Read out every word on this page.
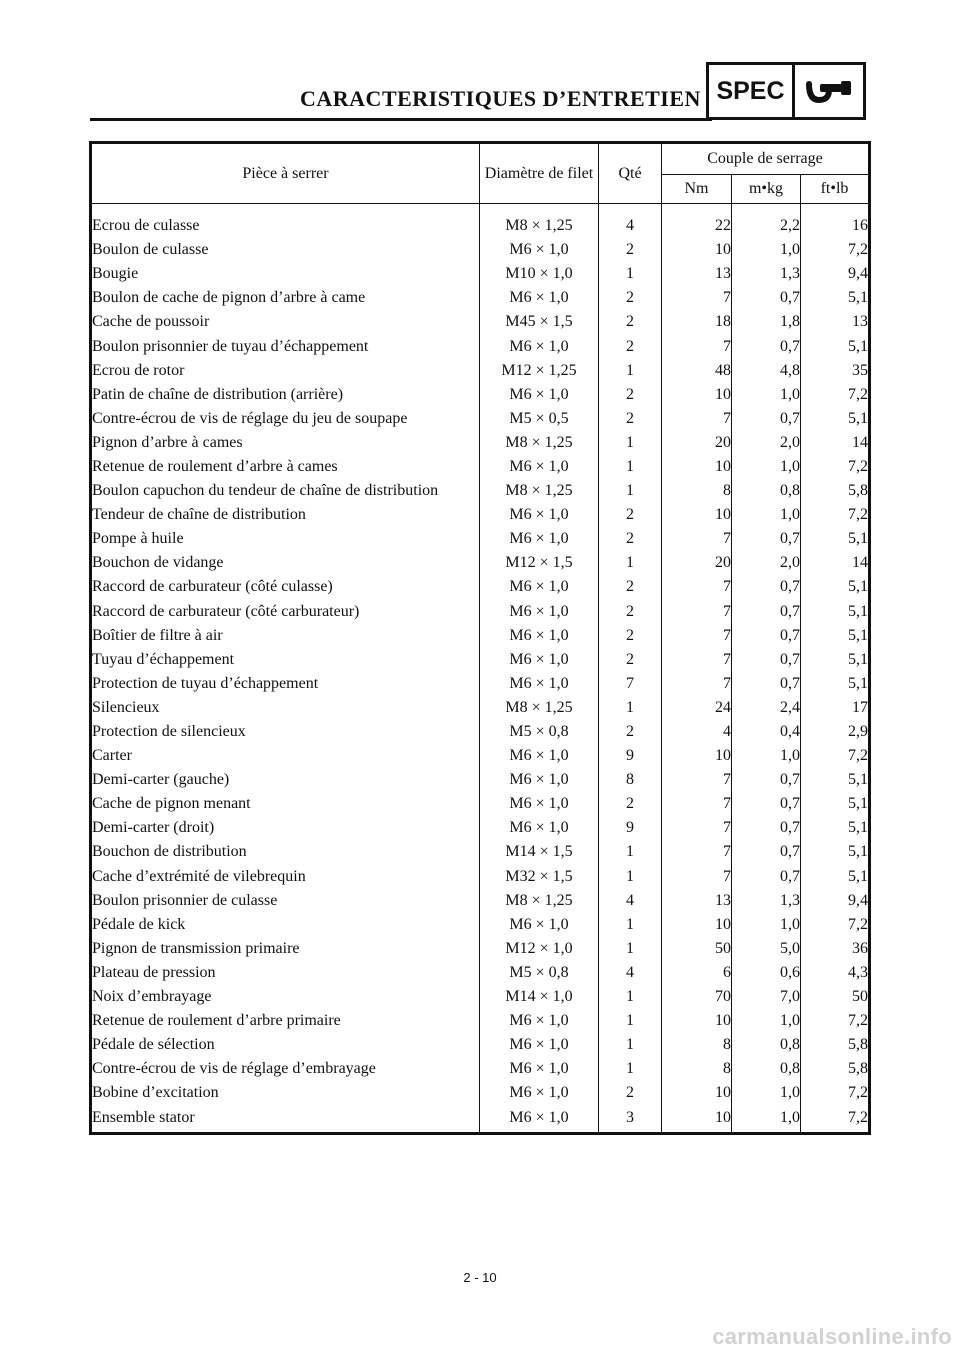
CARACTERISTIQUES D’ENTRETIEN SPEC
Pièce à serrer	Diamètre de filet	Qté	Couple de serrage		
			Nm	m•kg	ft•lb
Ecrou de culasse	M8 × 1,25	4	22	2,2	16
Boulon de culasse	M6 × 1,0	2	10	1,0	7,2
Bougie	M10 × 1,0	1	13	1,3	9,4
Boulon de cache de pignon d’arbre à came	M6 × 1,0	2	7	0,7	5,1
Cache de poussoir	M45 × 1,5	2	18	1,8	13
Boulon prisonnier de tuyau d’échappement	M6 × 1,0	2	7	0,7	5,1
Ecrou de rotor	M12 × 1,25	1	48	4,8	35
Patin de chaîne de distribution (arrière)	M6 × 1,0	2	10	1,0	7,2
Contre-écrou de vis de réglage du jeu de soupape	M5 × 0,5	2	7	0,7	5,1
Pignon d’arbre à cames	M8 × 1,25	1	20	2,0	14
Retenue de roulement d’arbre à cames	M6 × 1,0	1	10	1,0	7,2
Boulon capuchon du tendeur de chaîne de distribution	M8 × 1,25	1	8	0,8	5,8
Tendeur de chaîne de distribution	M6 × 1,0	2	10	1,0	7,2
Pompe à huile	M6 × 1,0	2	7	0,7	5,1
Bouchon de vidange	M12 × 1,5	1	20	2,0	14
Raccord de carburateur (côté culasse)	M6 × 1,0	2	7	0,7	5,1
Raccord de carburateur (côté carburateur)	M6 × 1,0	2	7	0,7	5,1
Boîtier de filtre à air	M6 × 1,0	2	7	0,7	5,1
Tuyau d’échappement	M6 × 1,0	2	7	0,7	5,1
Protection de tuyau d’échappement	M6 × 1,0	7	7	0,7	5,1
Silencieux	M8 × 1,25	1	24	2,4	17
Protection de silencieux	M5 × 0,8	2	4	0,4	2,9
Carter	M6 × 1,0	9	10	1,0	7,2
Demi-carter (gauche)	M6 × 1,0	8	7	0,7	5,1
Cache de pignon menant	M6 × 1,0	2	7	0,7	5,1
Demi-carter (droit)	M6 × 1,0	9	7	0,7	5,1
Bouchon de distribution	M14 × 1,5	1	7	0,7	5,1
Cache d’extrémité de vilebrequin	M32 × 1,5	1	7	0,7	5,1
Boulon prisonnier de culasse	M8 × 1,25	4	13	1,3	9,4
Pédale de kick	M6 × 1,0	1	10	1,0	7,2
Pignon de transmission primaire	M12 × 1,0	1	50	5,0	36
Plateau de pression	M5 × 0,8	4	6	0,6	4,3
Noix d’embrayage	M14 × 1,0	1	70	7,0	50
Retenue de roulement d’arbre primaire	M6 × 1,0	1	10	1,0	7,2
Pédale de sélection	M6 × 1,0	1	8	0,8	5,8
Contre-écrou de vis de réglage d’embrayage	M6 × 1,0	1	8	0,8	5,8
Bobine d’excitation	M6 × 1,0	2	10	1,0	7,2
Ensemble stator	M6 × 1,0	3	10	1,0	7,2
2 - 10
carmanualsonline.info
